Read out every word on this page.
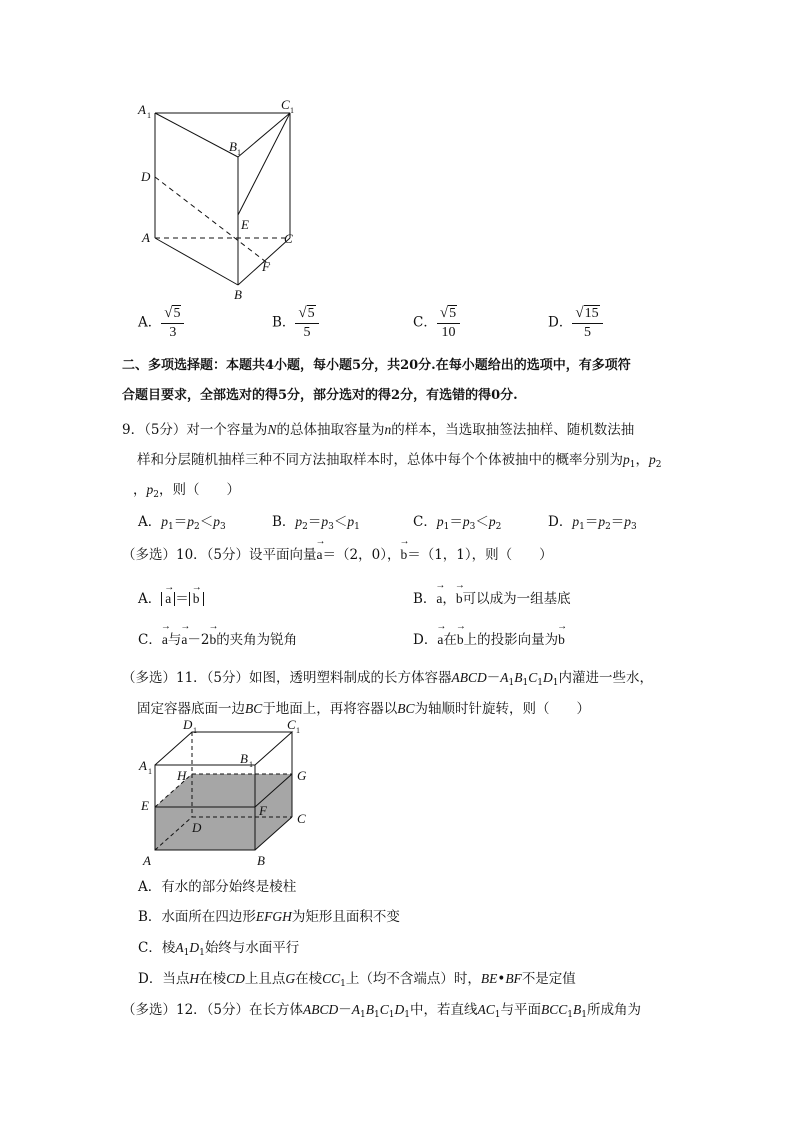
A 1
C 1
B 1
D
E
A	C
F
B
A． $\frac{√5}{3}$	B． $\frac{√5}{5}$	C． $\frac{√5}{10}$	D． $\frac{√15}{5}$
二、多项选择题：本题共4小题，每小题5分，共20分.在每小题给出的选项中，有多项符
合题目要求，全部选对的得5分，部分选对的得2分，有选错的得0分.
9．（5分）对一个容量为N的总体抽取容量为n的样本，当选取抽签法抽样、随机数法抽
样和分层随机抽样三种不同方法抽取样本时，总体中每个个体被抽中的概率分别为$p_1$，$p_2$
，$p_2$，则（　　）
A．$p_1=p_2<p_3$	B．$p_2=p_3<p_1$	C．$p_1=p_3<p_2$	D．$p_1=p_2=p_3$
（多选）10．（5分）设平面向量→ a＝（2，0），→ b＝（1，1），则（　　）
A． → a ＝ → b	B．→ a，→ b可以成为一组基底
C．→ a与→ a－2→ b的夹角为锐角	D．→ a在→ b上的投影向量为→ b
（多选）11．（5分）如图，透明塑料制成的长方体容器$ABCD-A_1B_1C_1D_1$内灌进一些水，
固定容器底面一边BC于地面上，再将容器以BC为轴顺时针旋转，则（　　）
D 1	C 1
A 1
B 1
H	G
E	F
D
C
A	B
A．有水的部分始终是棱柱
B．水面所在四边形EFGH为矩形且面积不变
C．棱$A_1D_1$始终与水面平行
D．当点H在棱CD上且点G在棱$CC_1$上（均不含端点）时，BE•BF不是定值
（多选）12．（5分）在长方体$ABCD-A_1B_1C_1D_1$中，若直线$AC_1$与平面$BCC_1B_1$所成角为
